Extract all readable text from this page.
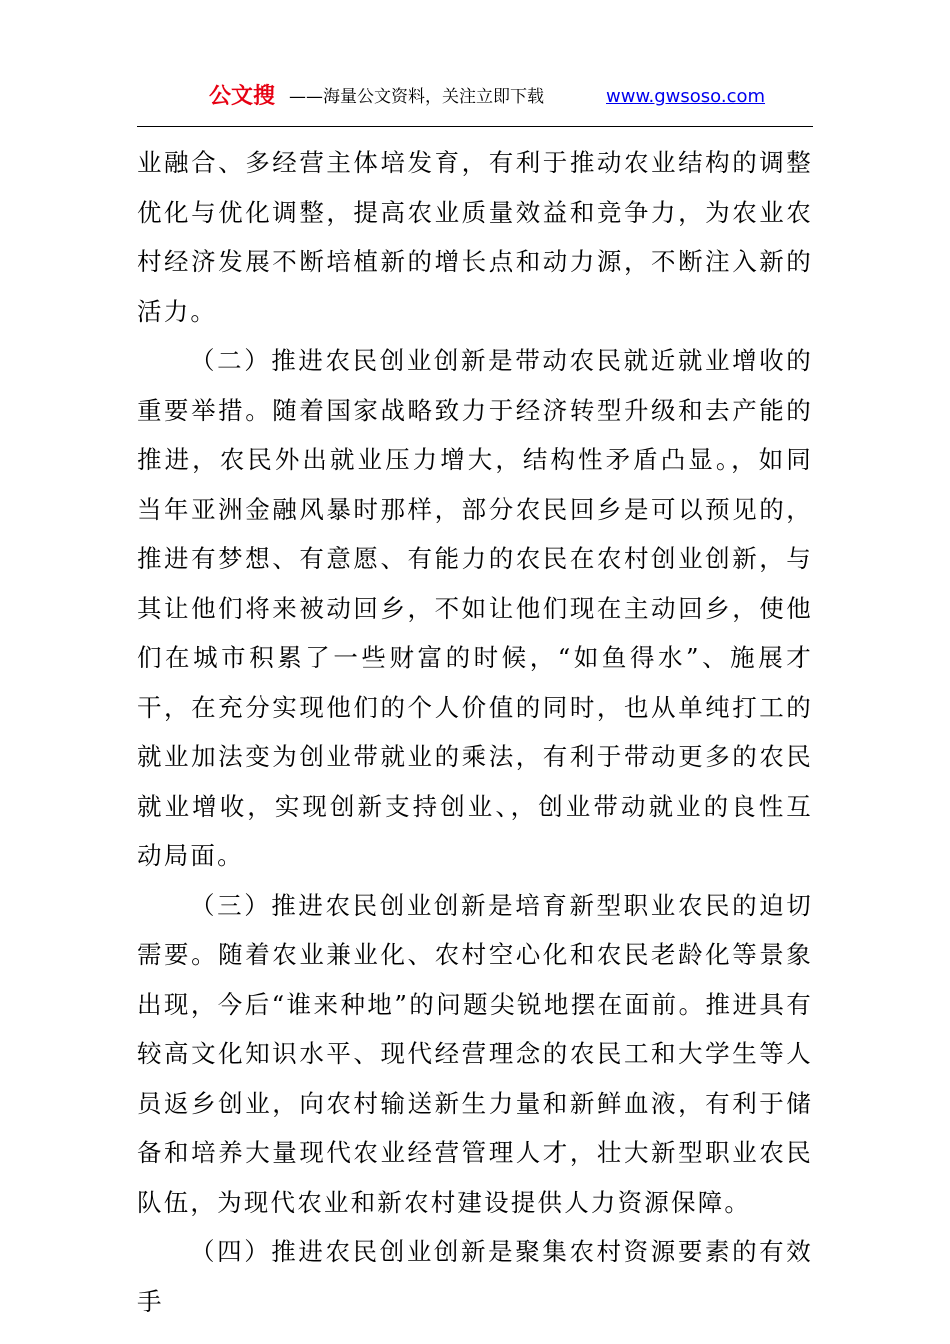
公文搜 ——海量公文资料，关注立即下载	www.gwsoso.com

业融合、多经营主体培发育，有利于推动农业结构的调整优化与优化调整，提高农业质量效益和竞争力，为农业农村经济发展不断培植新的增长点和动力源，不断注入新的活力。

（二）推进农民创业创新是带动农民就近就业增收的重要举措。随着国家战略致力于经济转型升级和去产能的推进，农民外出就业压力增大，结构性矛盾凸显。，如同当年亚洲金融风暴时那样，部分农民回乡是可以预见的，推进有梦想、有意愿、有能力的农民在农村创业创新，与其让他们将来被动回乡，不如让他们现在主动回乡，使他们在城市积累了一些财富的时候，“如鱼得水”、施展才干，在充分实现他们的个人价值的同时，也从单纯打工的就业加法变为创业带就业的乘法，有利于带动更多的农民就业增收，实现创新支持创业、，创业带动就业的良性互动局面。

（三）推进农民创业创新是培育新型职业农民的迫切需要。随着农业兼业化、农村空心化和农民老龄化等景象出现，今后“谁来种地”的问题尖锐地摆在面前。推进具有较高文化知识水平、现代经营理念的农民工和大学生等人员返乡创业，向农村输送新生力量和新鲜血液，有利于储备和培养大量现代农业经营管理人才，壮大新型职业农民队伍，为现代农业和新农村建设提供人力资源保障。

（四）推进农民创业创新是聚集农村资源要素的有效手
